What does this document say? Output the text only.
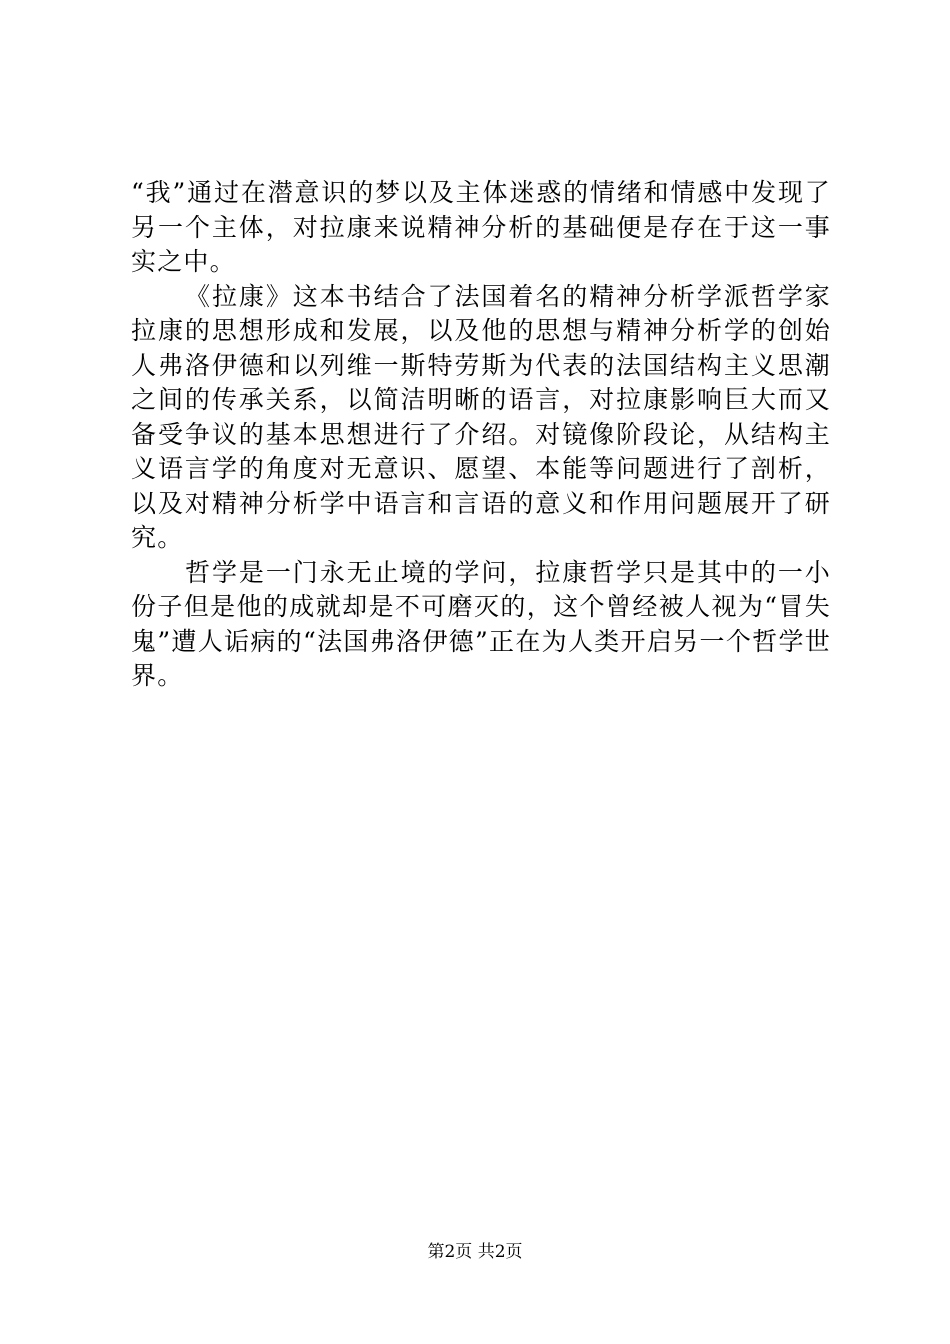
“我”通过在潜意识的梦以及主体迷惑的情绪和情感中发现了另一个主体，对拉康来说精神分析的基础便是存在于这一事实之中。

《拉康》这本书结合了法国着名的精神分析学派哲学家拉康的思想形成和发展，以及他的思想与精神分析学的创始人弗洛伊德和以列维一斯特劳斯为代表的法国结构主义思潮之间的传承关系，以简洁明晰的语言，对拉康影响巨大而又备受争议的基本思想进行了介绍。对镜像阶段论，从结构主义语言学的角度对无意识、愿望、本能等问题进行了剖析，以及对精神分析学中语言和言语的意义和作用问题展开了研究。

哲学是一门永无止境的学问，拉康哲学只是其中的一小份子但是他的成就却是不可磨灭的，这个曾经被人视为“冒失鬼”遭人诟病的“法国弗洛伊德”正在为人类开启另一个哲学世界。

第2页 共2页
